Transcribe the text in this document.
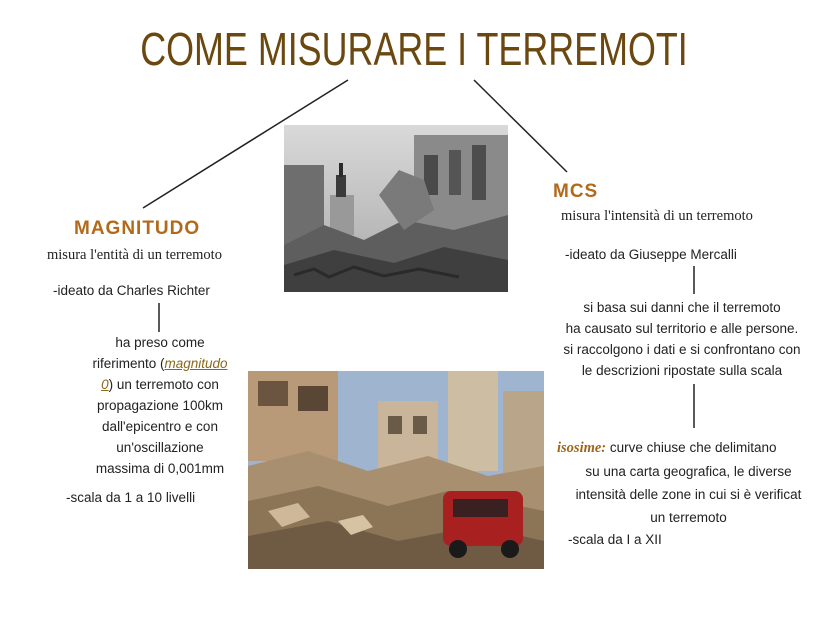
COME MISURARE I TERREMOTI
MAGNITUDO
misura l'entità di un terremoto
-ideato da Charles Richter
ha preso come
riferimento (magnitudo
0) un terremoto con
propagazione 100km
dall'epicentro e con
un'oscillazione
massima di 0,001mm
-scala da 1 a 10 livelli
MCS
misura l'intensità di un terremoto
-ideato da Giuseppe Mercalli
si basa sui danni che il terremoto
ha causato sul territorio e alle persone.
si raccolgono i dati e si confrontano con
le descrizioni ripostate sulla scala
isosime: curve chiuse che delimitano
su una carta geografica, le diverse
intensità delle zone in cui si è verificat
un terremoto
-scala da I a XII
